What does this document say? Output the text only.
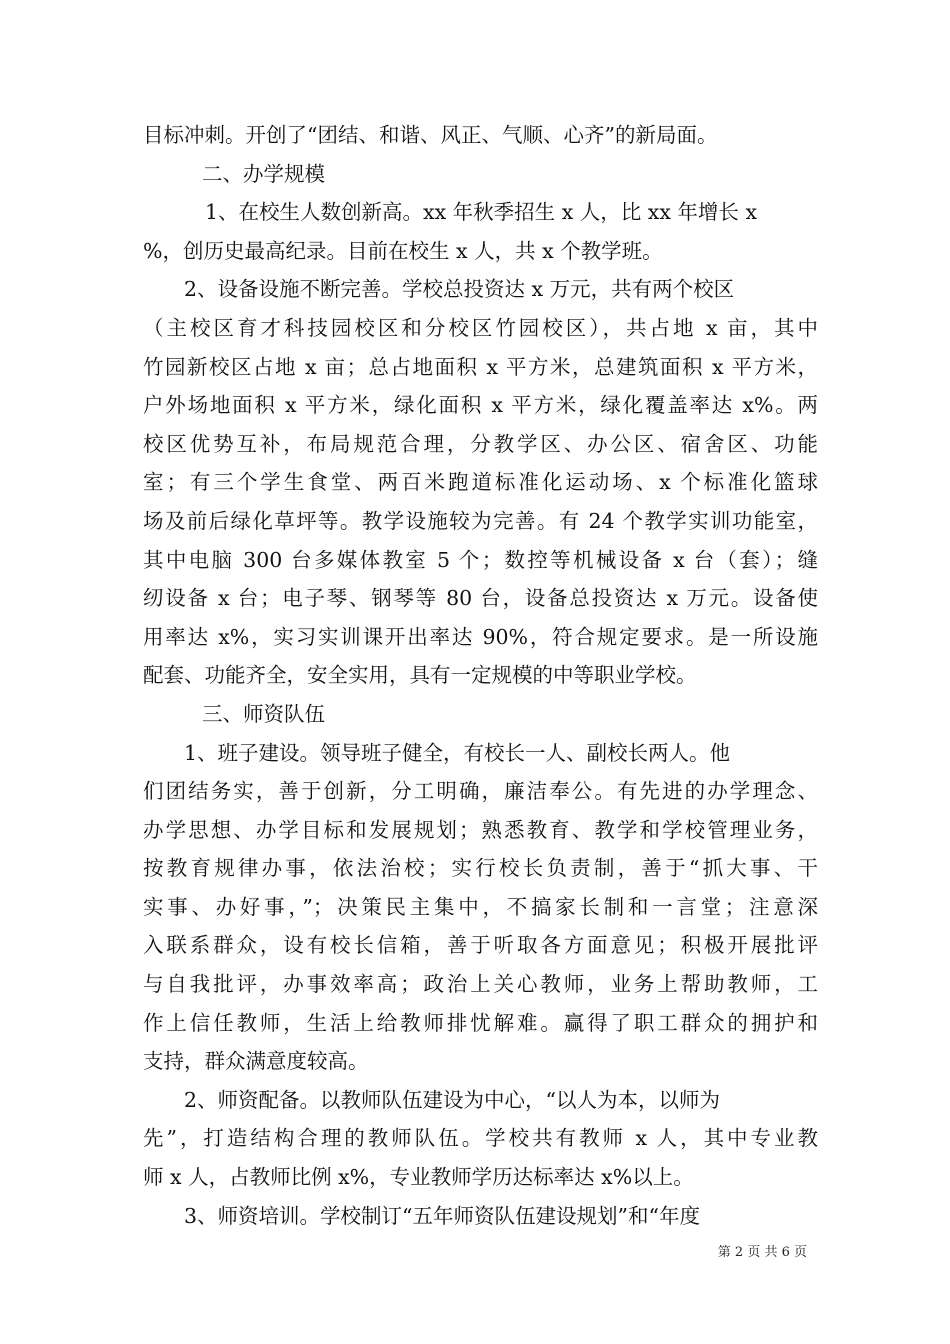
目标冲刺。开创了“团结、和谐、风正、气顺、心齐”的新局面。
二、办学规模
1、在校生人数创新高。xx 年秋季招生 x 人，比 xx 年增长 x
%，创历史最高纪录。目前在校生 x 人，共 x 个教学班。
2、设备设施不断完善。学校总投资达 x 万元，共有两个校区
（主校区育才科技园校区和分校区竹园校区），共占地 x 亩，其中
竹园新校区占地 x 亩；总占地面积 x 平方米，总建筑面积 x 平方米，
户外场地面积 x 平方米，绿化面积 x 平方米，绿化覆盖率达 x%。两
校区优势互补，布局规范合理，分教学区、办公区、宿舍区、功能
室；有三个学生食堂、两百米跑道标准化运动场、x 个标准化篮球
场及前后绿化草坪等。教学设施较为完善。有 24 个教学实训功能室，
其中电脑 300 台多媒体教室 5 个；数控等机械设备 x 台（套）；缝
纫设备 x 台；电子琴、钢琴等 80 台，设备总投资达 x 万元。设备使
用率达 x%，实习实训课开出率达 90%，符合规定要求。是一所设施
配套、功能齐全，安全实用，具有一定规模的中等职业学校。
三、师资队伍
1、班子建设。领导班子健全，有校长一人、副校长两人。他
们团结务实，善于创新，分工明确，廉洁奉公。有先进的办学理念、
办学思想、办学目标和发展规划；熟悉教育、教学和学校管理业务，
按教育规律办事，依法治校；实行校长负责制，善于“抓大事、干
实事、办好事，”；决策民主集中，不搞家长制和一言堂；注意深
入联系群众，设有校长信箱，善于听取各方面意见；积极开展批评
与自我批评，办事效率高；政治上关心教师，业务上帮助教师，工
作上信任教师，生活上给教师排忧解难。赢得了职工群众的拥护和
支持，群众满意度较高。
2、师资配备。以教师队伍建设为中心，“以人为本，以师为
先”，打造结构合理的教师队伍。学校共有教师 x 人，其中专业教
师 x 人，占教师比例 x%，专业教师学历达标率达 x%以上。
3、师资培训。学校制订“五年师资队伍建设规划”和“年度
第 2 页 共 6 页
